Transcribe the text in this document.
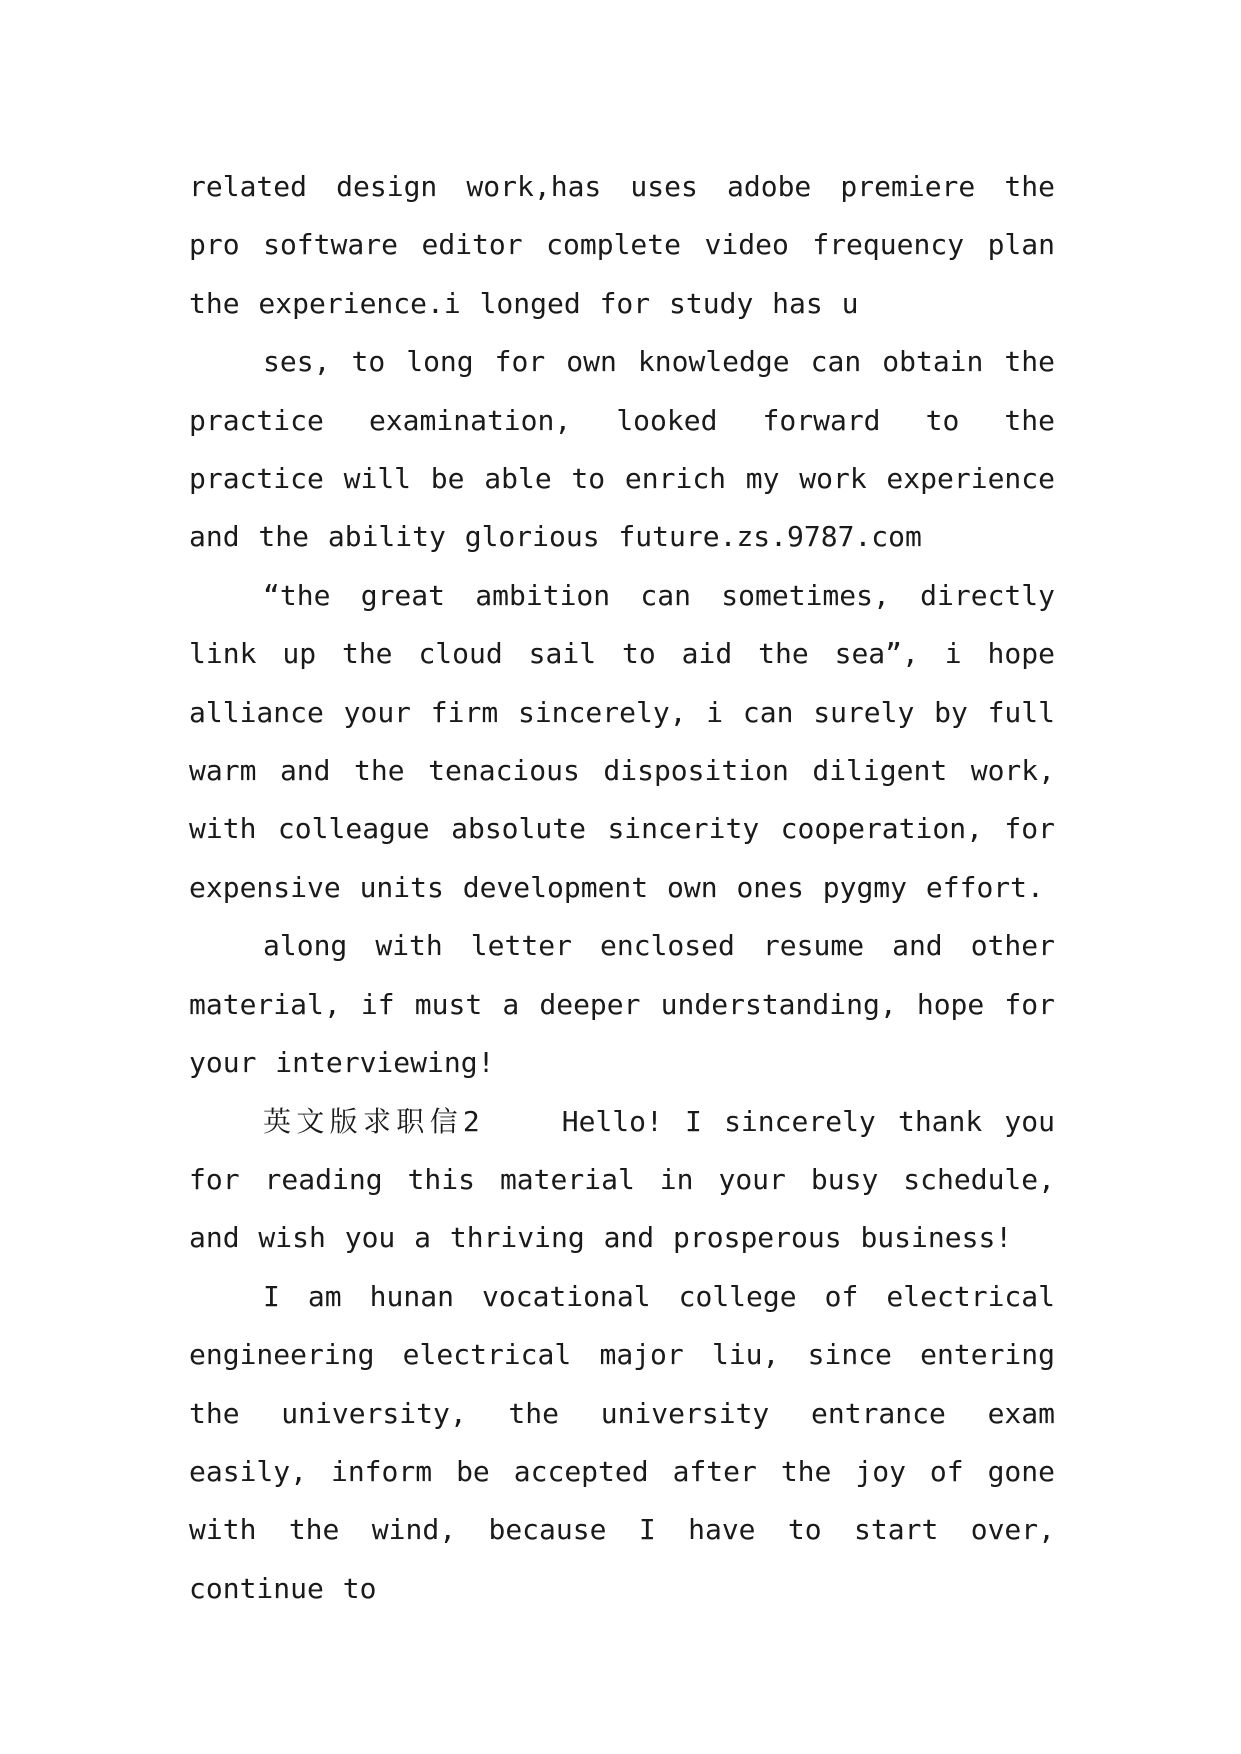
related design work,has uses adobe premiere the pro software editor complete video frequency plan the experience.i longed for study has u

ses, to long for own knowledge can obtain the practice examination, looked forward to the practice will be able to enrich my work experience and the ability glorious future.zs.9787.com

“the great ambition can sometimes, directly link up the cloud sail to aid the sea”, i hope alliance your firm sincerely, i can surely by full warm and the tenacious disposition diligent work, with colleague absolute sincerity cooperation, for expensive units development own ones pygmy effort.

along with letter enclosed resume and other material, if must a deeper understanding, hope for your interviewing!

英文版求职信2	Hello! I sincerely thank you for reading this material in your busy schedule, and wish you a thriving and prosperous business!

I am hunan vocational college of electrical engineering electrical major liu, since entering the university, the university entrance exam easily, inform be accepted after the joy of gone with the wind, because I have to start over, continue to
